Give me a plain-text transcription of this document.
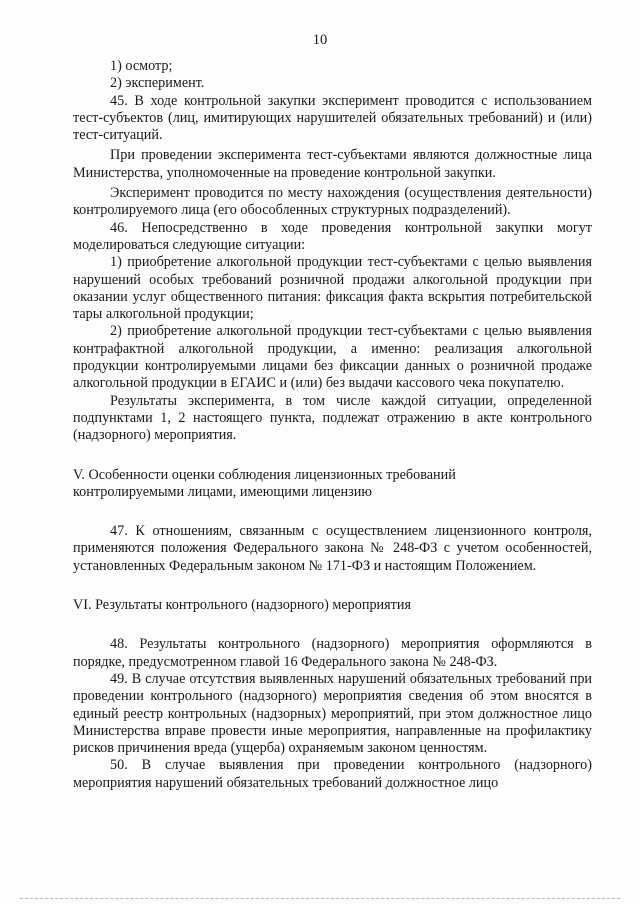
10

1) осмотр;

2) эксперимент.

45. В ходе контрольной закупки эксперимент проводится с использованием тест-субъектов (лиц, имитирующих нарушителей обязательных требований) и (или) тест-ситуаций.

При проведении эксперимента тест-субъектами являются должностные лица Министерства, уполномоченные на проведение контрольной закупки.

Эксперимент проводится по месту нахождения (осуществления деятельности) контролируемого лица (его обособленных структурных подразделений).

46. Непосредственно в ходе проведения контрольной закупки могут моделироваться следующие ситуации:

1) приобретение алкогольной продукции тест-субъектами с целью выявления нарушений особых требований розничной продажи алкогольной продукции при оказании услуг общественного питания: фиксация факта вскрытия потребительской тары алкогольной продукции;

2) приобретение алкогольной продукции тест-субъектами с целью выявления контрафактной алкогольной продукции, а именно: реализация алкогольной продукции контролируемыми лицами без фиксации данных о розничной продаже алкогольной продукции в ЕГАИС и (или) без выдачи кассового чека покупателю.

Результаты эксперимента, в том числе каждой ситуации, определенной подпунктами 1, 2 настоящего пункта, подлежат отражению в акте контрольного (надзорного) мероприятия.

V. Особенности оценки соблюдения лицензионных требований
контролируемыми лицами, имеющими лицензию

47. К отношениям, связанным с осуществлением лицензионного контроля, применяются положения Федерального закона № 248-ФЗ с учетом особенностей, установленных Федеральным законом № 171-ФЗ и настоящим Положением.

VI. Результаты контрольного (надзорного) мероприятия

48. Результаты контрольного (надзорного) мероприятия оформляются в порядке, предусмотренном главой 16 Федерального закона № 248-ФЗ.

49. В случае отсутствия выявленных нарушений обязательных требований при проведении контрольного (надзорного) мероприятия сведения об этом вносятся в единый реестр контрольных (надзорных) мероприятий, при этом должностное лицо Министерства вправе провести иные мероприятия, направленные на профилактику рисков причинения вреда (ущерба) охраняемым законом ценностям.

50. В случае выявления при проведении контрольного (надзорного) мероприятия нарушений обязательных требований должностное лицо
